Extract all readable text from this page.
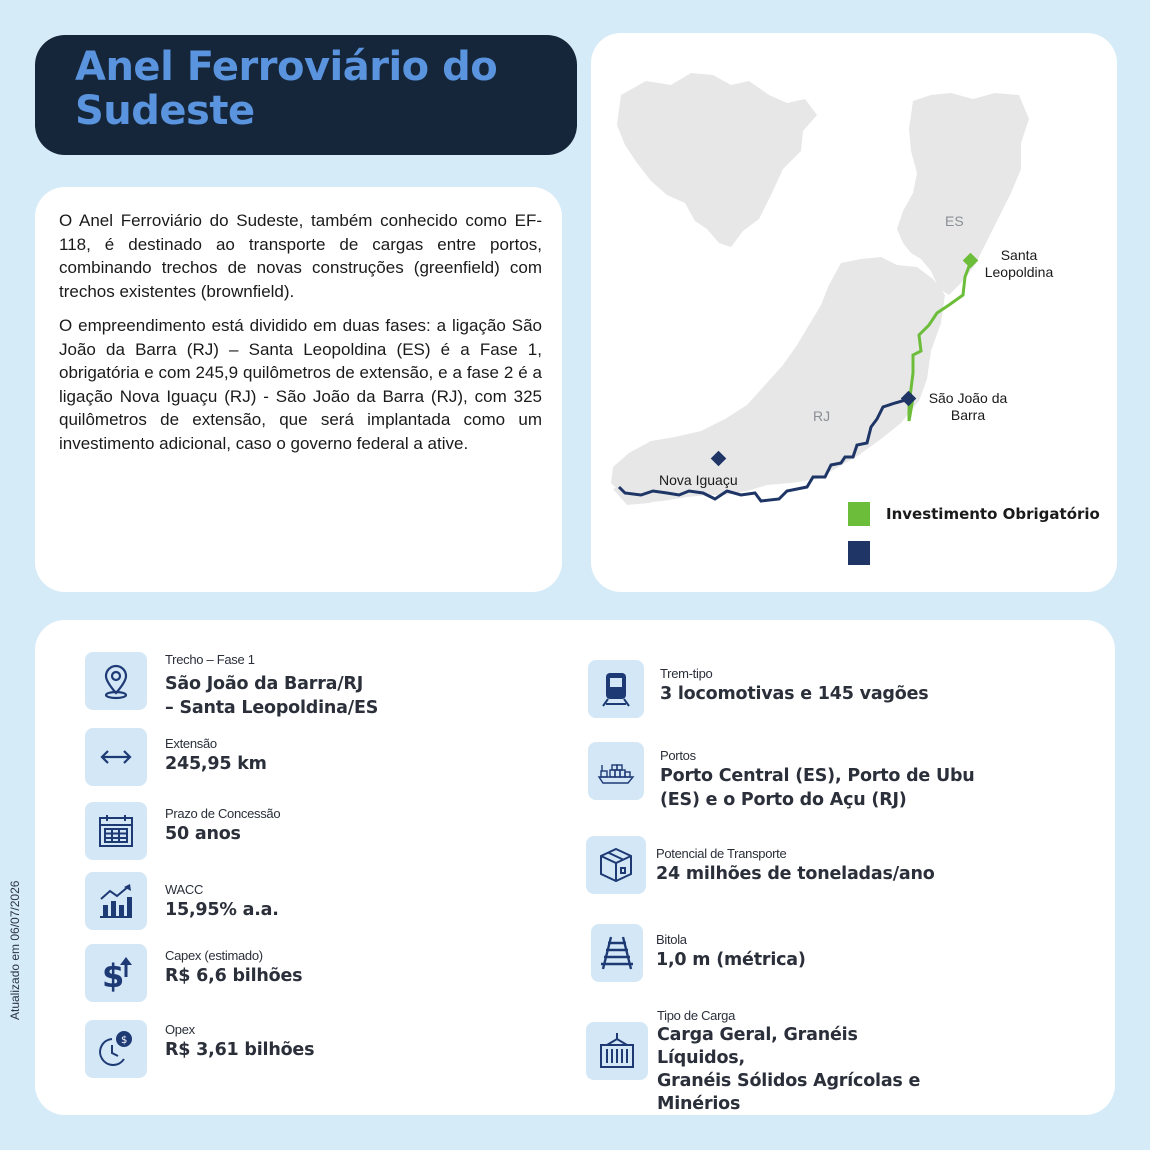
Anel Ferroviário do Sudeste

O Anel Ferroviário do Sudeste, também conhecido como EF-118, é destinado ao transporte de cargas entre portos, combinando trechos de novas construções (greenfield) com trechos existentes (brownfield).

O empreendimento está dividido em duas fases: a ligação São João da Barra (RJ) – Santa Leopoldina (ES) é a Fase 1, obrigatória e com 245,9 quilômetros de extensão, e a fase 2 é a ligação Nova Iguaçu (RJ) - São João da Barra (RJ), com 325 quilômetros de extensão, que será implantada como um investimento adicional, caso o governo federal a ative.

ES
RJ
Santa Leopoldina
São João da Barra
Nova Iguaçu
Investimento Obrigatório
Trecho – Fase 1
São João da Barra/RJ
– Santa Leopoldina/ES
Extensão
245,95 km
Prazo de Concessão
50 anos
WACC
15,95% a.a.
$
Capex (estimado)
R$ 6,6 bilhões
$
Opex
R$ 3,61 bilhões
Trem-tipo
3 locomotivas e 145 vagões
Portos
Porto Central (ES), Porto de Ubu
(ES) e o Porto do Açu (RJ)
Potencial de Transporte
24 milhões de toneladas/ano
Bitola
1,0 m (métrica)
Tipo de Carga
Carga Geral, Granéis Líquidos,
Granéis Sólidos Agrícolas e
Minérios
Atualizado em 06/07/2026
